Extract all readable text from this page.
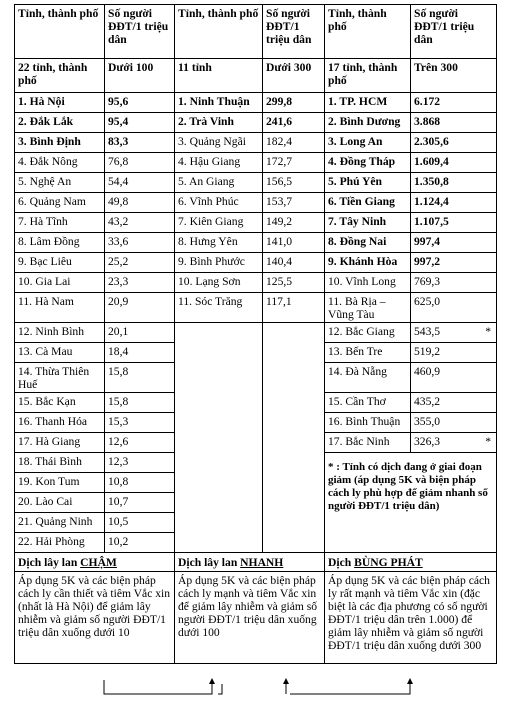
Tỉnh, thành phố	Số người ĐĐT/1 triệu dân	Tỉnh, thành phố	Số người ĐĐT/1 triệu dân	Tỉnh, thành phố	Số người ĐĐT/1 triệu dân
22 tỉnh, thành phố	Dưới 100	11 tỉnh	Dưới 300	17 tỉnh, thành phố	Trên 300
1. Hà Nội	95,6	1. Ninh Thuận	299,8	1. TP. HCM	6.172
2. Đắk Lắk	95,4	2. Trà Vinh	241,6	2. Bình Dương	3.868
3. Bình Định	83,3	3. Quảng Ngãi	182,4	3. Long An	2.305,6
4. Đắk Nông	76,8	4. Hậu Giang	172,7	4. Đồng Tháp	1.609,4
5. Nghệ An	54,4	5. An Giang	156,5	5. Phú Yên	1.350,8
6. Quảng Nam	49,8	6. Vĩnh Phúc	153,7	6. Tiền Giang	1.124,4
7. Hà Tĩnh	43,2	7. Kiên Giang	149,2	7. Tây Ninh	1.107,5
8. Lâm Đồng	33,6	8. Hưng Yên	141,0	8. Đồng Nai	997,4
9. Bạc Liêu	25,2	9. Bình Phước	140,4	9. Khánh Hòa	997,2
10. Gia Lai	23,3	10. Lạng Sơn	125,5	10. Vĩnh Long	769,3
11. Hà Nam	20,9	11. Sóc Trăng	117,1	11. Bà Rịa – Vũng Tàu	625,0
12. Ninh Bình	20,1			12. Bắc Giang	543,5 *

13. Cà Mau	18,4			13. Bến Tre	519,2
14. Thừa Thiên Huế	15,8			14. Đà Nẵng	460,9
15. Bắc Kạn	15,8			15. Cần Thơ	435,2
16. Thanh Hóa	15,3			16. Bình Thuận	355,0
17. Hà Giang	12,6			17. Bắc Ninh	326,3 *

18. Thái Bình	12,3			* : Tỉnh có dịch đang ở giai đoạn giảm (áp dụng 5K và biện pháp cách ly phù hợp để giảm nhanh số người ĐĐT/1 triệu dân)	

19. Kon Tum	10,8				
20. Lào Cai	10,7				
21. Quảng Ninh	10,5				
22. Hải Phòng	10,2				
Dịch lây lan CHẬM		Dịch lây lan NHANH		Dịch BÙNG PHÁT	
Áp dụng 5K và các biện pháp cách ly cần thiết và tiêm Vắc xin (nhất là Hà Nội) để giảm lây nhiễm và giảm số người ĐĐT/1 triệu dân xuống dưới 10		Áp dụng 5K và các biện pháp cách ly mạnh và tiêm Vắc xin để giảm lây nhiễm và giảm số người ĐĐT/1 triệu dân xuống dưới 100		Áp dụng 5K và các biện pháp cách ly rất mạnh và tiêm Vắc xin (đặc biệt là các địa phương có số người ĐĐT/1 triệu dân trên 1.000) để giảm lây nhiễm và giảm số người ĐĐT/1 triệu dân xuống dưới 300	
